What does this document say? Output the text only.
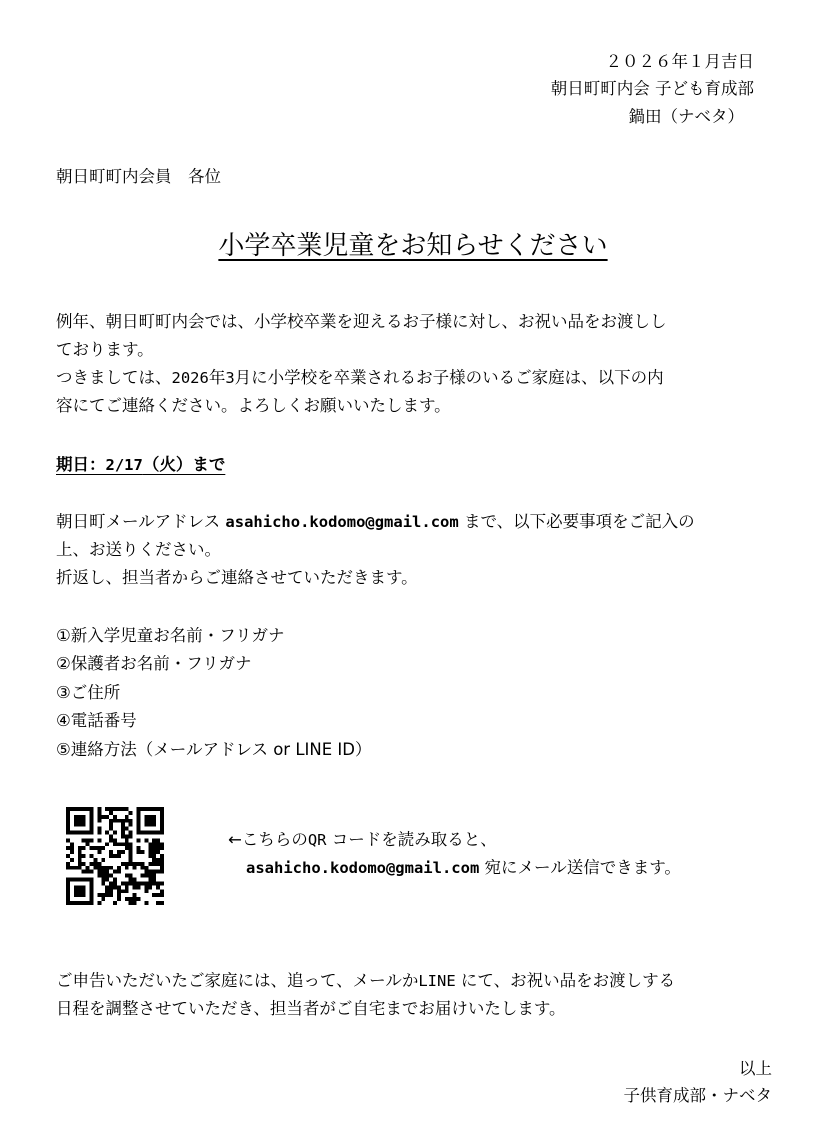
２０２６年１月吉日
朝日町町内会 子ども育成部
鍋田（ナベタ）
朝日町町内会員　各位
小学卒業児童をお知らせください
例年、朝日町町内会では、小学校卒業を迎えるお子様に対し、お祝い品をお渡しし
ております。
つきましては、2026年3月に小学校を卒業されるお子様のいるご家庭は、以下の内
容にてご連絡ください。よろしくお願いいたします。
期日：2/17（火）まで
朝日町メールアドレス asahicho.kodomo@gmail.com まで、以下必要事項をご記入の
上、お送りください。
折返し、担当者からご連絡させていただきます。
①新入学児童お名前・フリガナ
②保護者お名前・フリガナ
③ご住所
④電話番号
⑤連絡方法（メールアドレス or LINE ID）
←こちらのQR コードを読み取ると、
asahicho.kodomo@gmail.com 宛にメール送信できます。
ご申告いただいたご家庭には、追って、メールかLINE にて、お祝い品をお渡しする
日程を調整させていただき、担当者がご自宅までお届けいたします。
以上
子供育成部・ナベタ
